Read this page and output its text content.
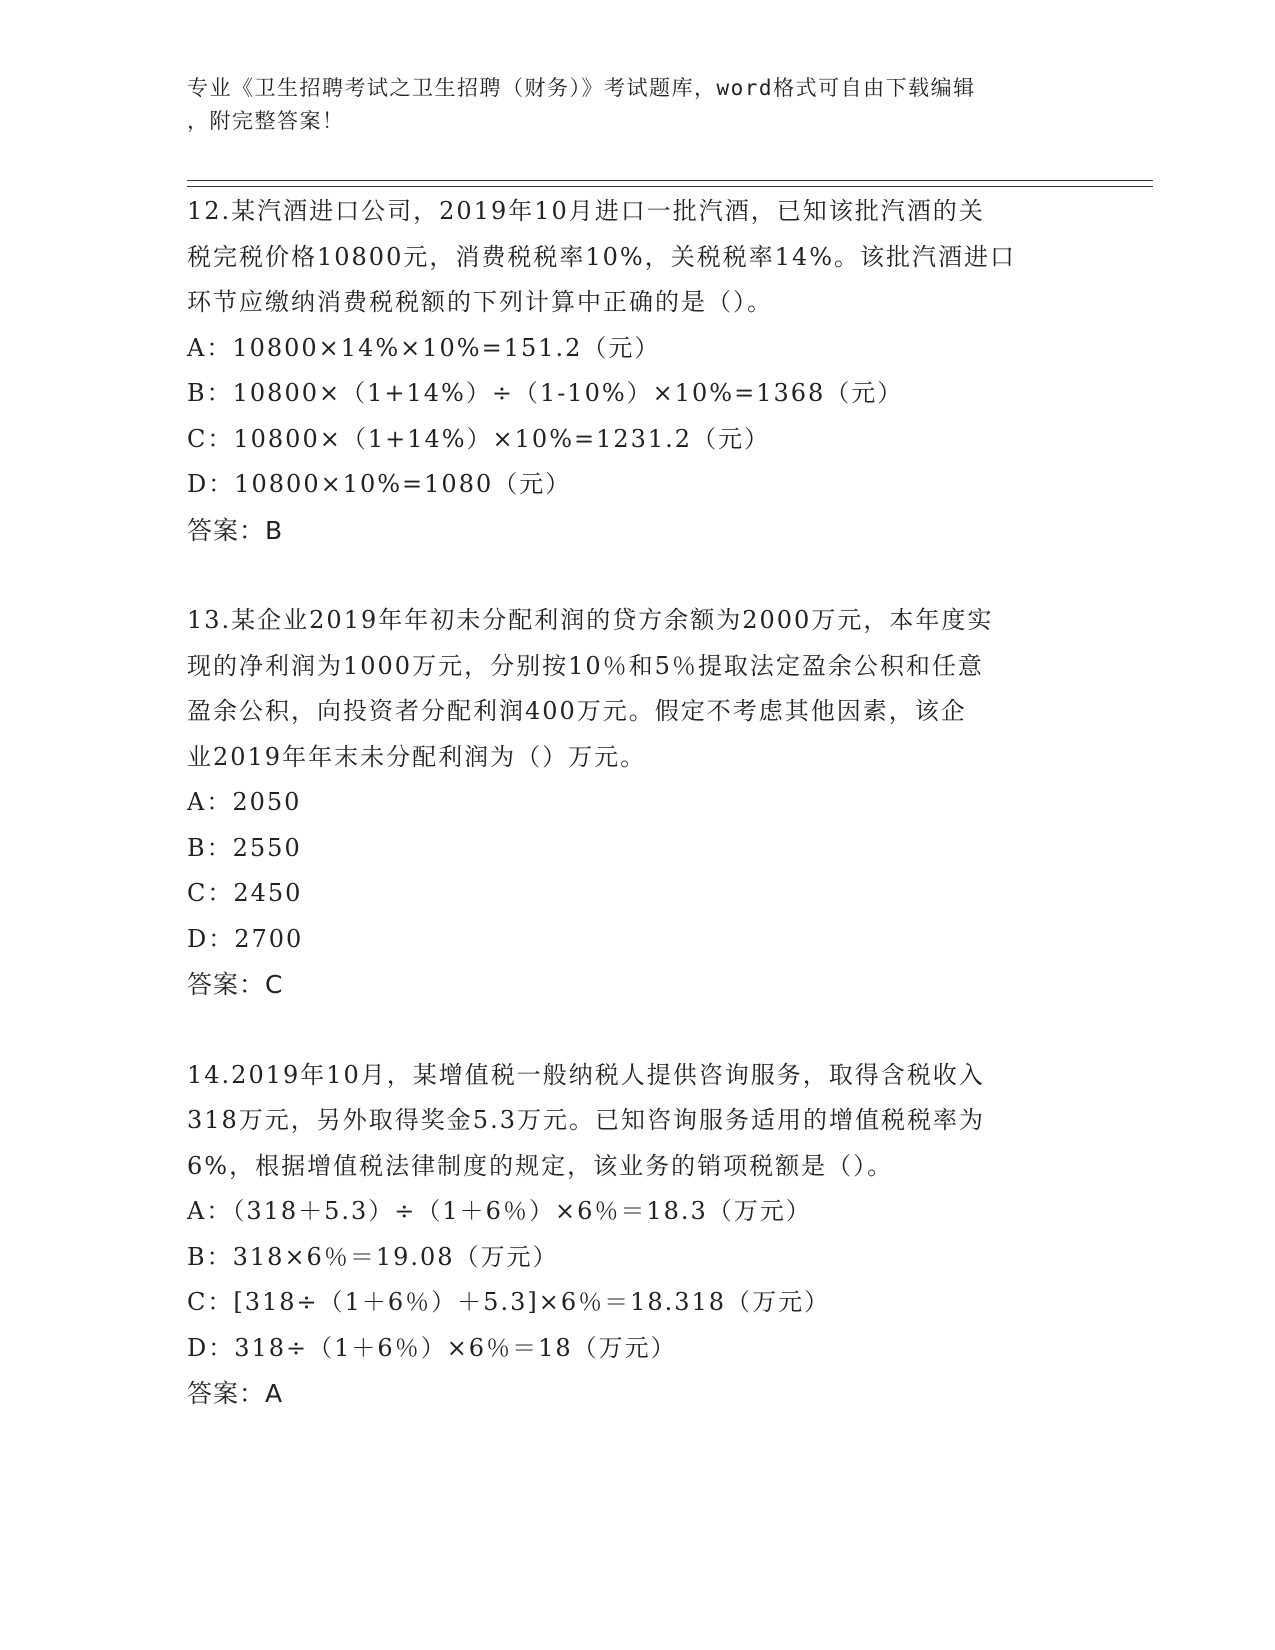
专业《卫生招聘考试之卫生招聘（财务）》考试题库，word格式可自由下载编辑
，附完整答案！

12.某汽酒进口公司，2019年10月进口一批汽酒，已知该批汽酒的关

税完税价格10800元，消费税税率10%，关税税率14%。该批汽酒进口

环节应缴纳消费税税额的下列计算中正确的是（）。

A：10800×14%×10%=151.2（元）

B：10800×（1+14%）÷（1-10%）×10%=1368（元）

C：10800×（1+14%）×10%=1231.2（元）

D：10800×10%=1080（元）

答案：B

13.某企业2019年年初未分配利润的贷方余额为2000万元，本年度实

现的净利润为1000万元，分别按10％和5％提取法定盈余公积和任意

盈余公积，向投资者分配利润400万元。假定不考虑其他因素，该企

业2019年年末未分配利润为（）万元。

A：2050

B：2550

C：2450

D：2700

答案：C

14.2019年10月，某增值税一般纳税人提供咨询服务，取得含税收入

318万元，另外取得奖金5.3万元。已知咨询服务适用的增值税税率为

6%，根据增值税法律制度的规定，该业务的销项税额是（）。

A：（318＋5.3）÷（1＋6％）×6％＝18.3（万元）

B：318×6％＝19.08（万元）

C：[318÷（1＋6％）＋5.3]×6％＝18.318（万元）

D：318÷（1＋6％）×6％＝18（万元）

答案：A
